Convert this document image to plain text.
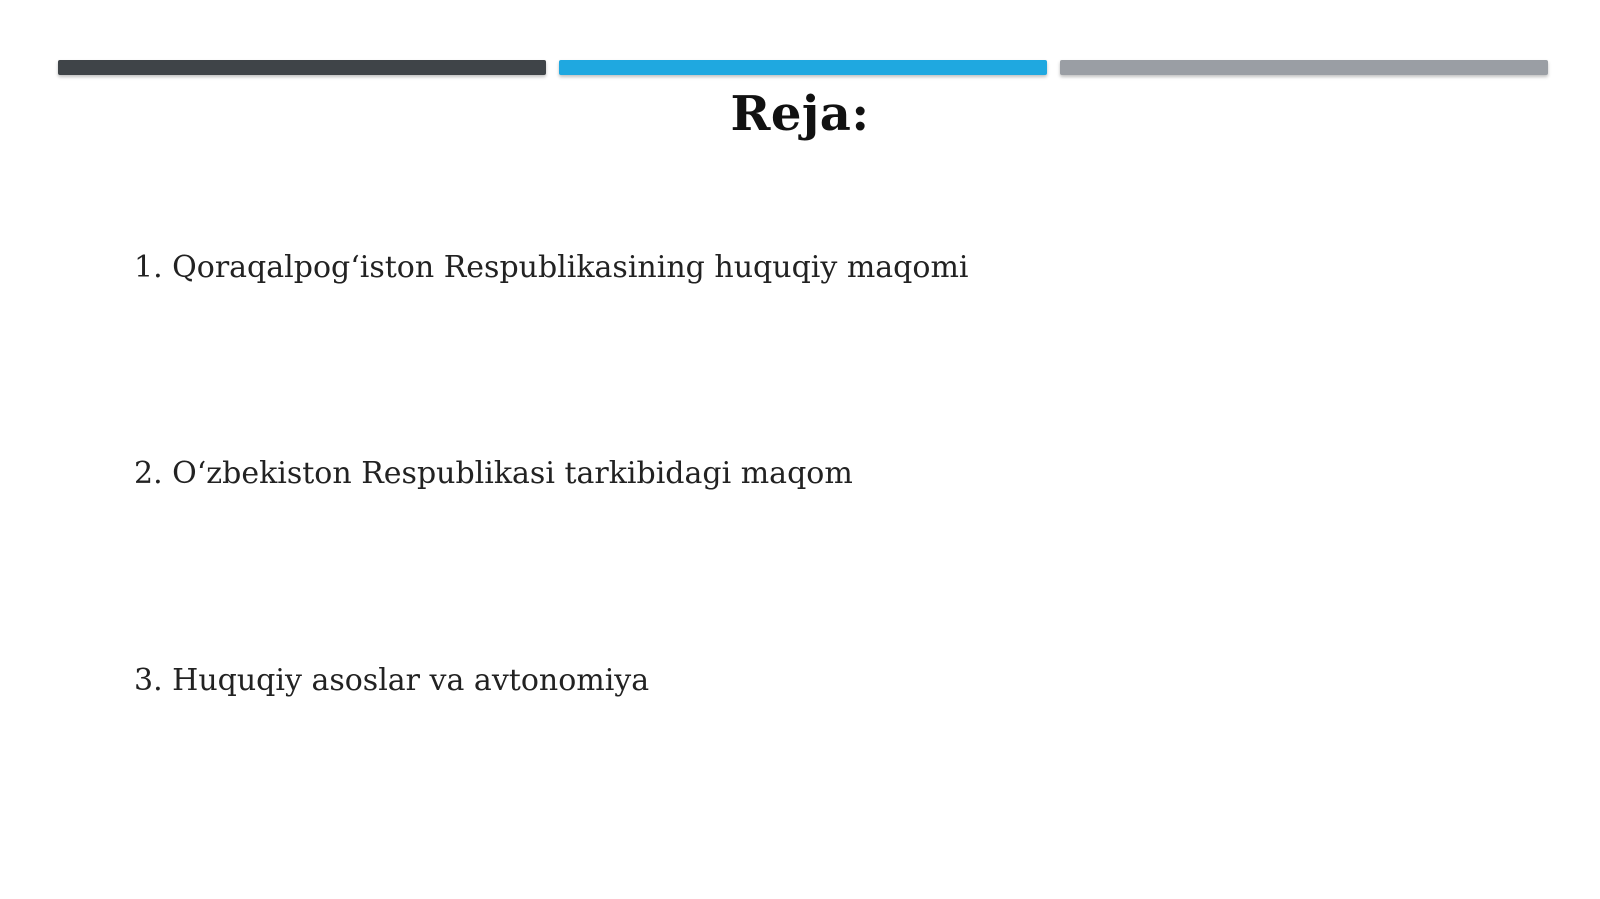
Reja:
1. Qoraqalpog‘iston Respublikasining huquqiy maqomi
2. O‘zbekiston Respublikasi tarkibidagi maqom
3. Huquqiy asoslar va avtonomiya
